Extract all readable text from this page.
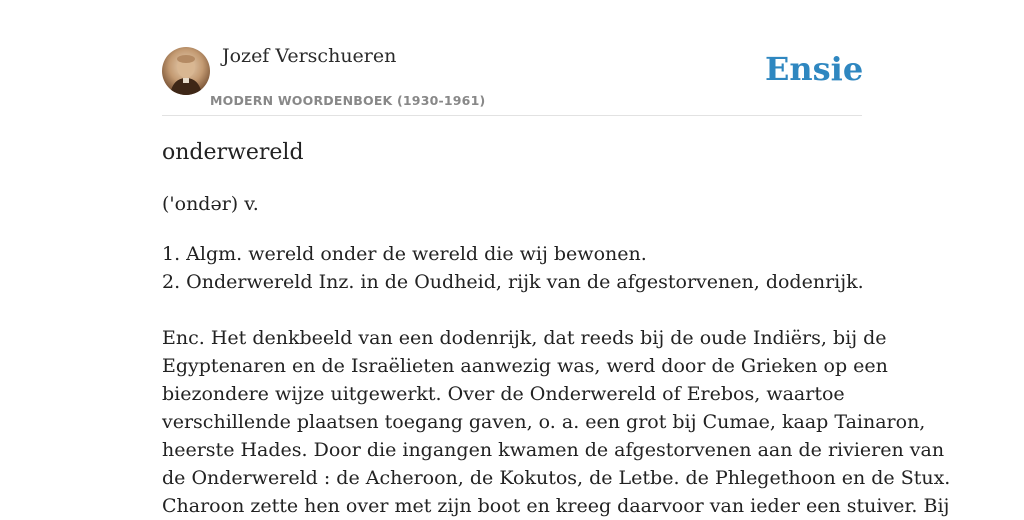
Jozef Verschueren
MODERN WOORDENBOEK (1930-1961)
Ensie
onderwereld
('ondər) v.
1. Algm. wereld onder de wereld die wij bewonen.
2. Onderwereld Inz. in de Oudheid, rijk van de afgestorvenen, dodenrijk.
Enc. Het denkbeeld van een dodenrijk, dat reeds bij de oude Indiërs, bij de
Egyptenaren en de Israëlieten aanwezig was, werd door de Grieken op een
biezondere wijze uitgewerkt. Over de Onderwereld of Erebos, waartoe
verschillende plaatsen toegang gaven, o. a. een grot bij Cumae, kaap Tainaron,
heerste Hades. Door die ingangen kwamen de afgestorvenen aan de rivieren van
de Onderwereld : de Acheroon, de Kokutos, de Letbe. de Phlegethoon en de Stux.
Charoon zette hen over met zijn boot en kreeg daarvoor van ieder een stuiver. Bij
